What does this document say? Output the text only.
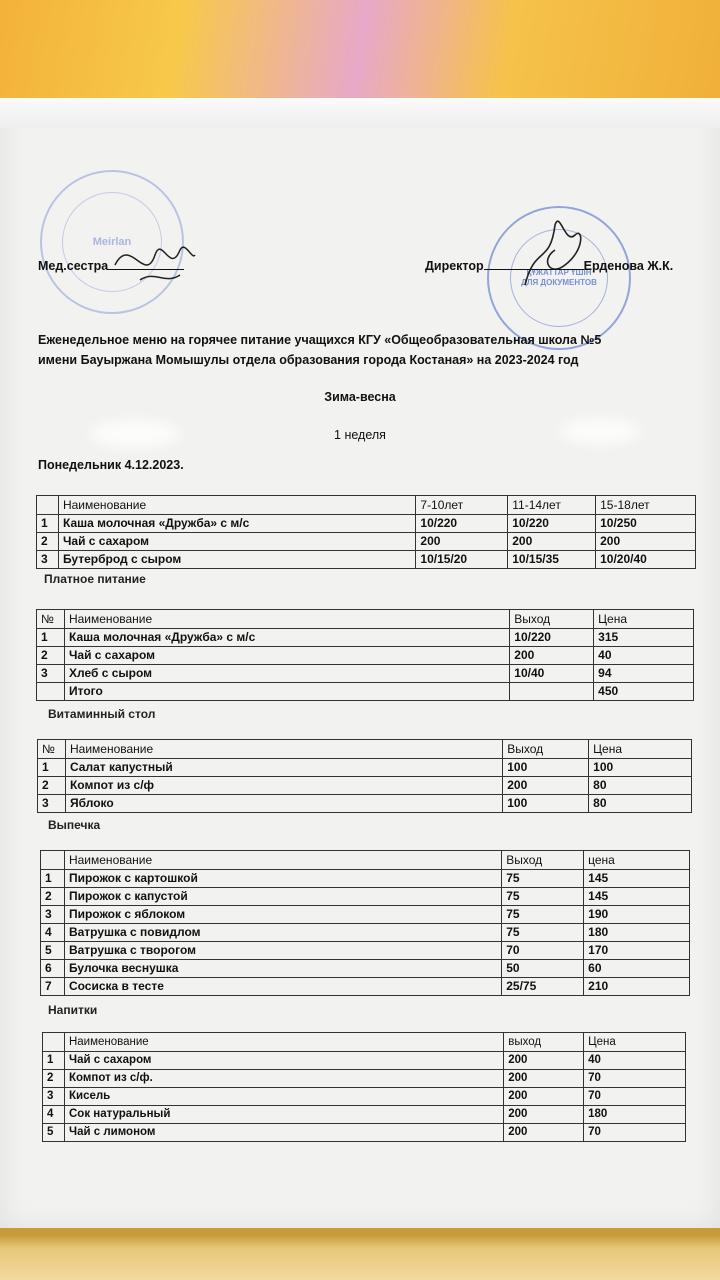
Meirlan
ҚҰЖАТТАР ҮШІН ДЛЯ ДОКУМЕНТОВ
Мед.сестра	Директор	Ерденова Ж.К.
Еженедельное меню на горячее питание учащихся КГУ «Общеобразовательная школа №5
имени Бауыржана Момышулы отдела образования города Костаная» на 2023-2024 год
Зима-весна
1 неделя
Понедельник 4.12.2023.
	Наименование	7-10лет	11-14лет	15-18лет
1	Каша молочная «Дружба» с м/с	10/220	10/220	10/250
2	Чай с сахаром	200	200	200
3	Бутерброд с сыром	10/15/20	10/15/35	10/20/40
Платное питание
№	Наименование	Выход	Цена
1	Каша молочная «Дружба» с м/с	10/220	315
2	Чай с сахаром	200	40
3	Хлеб с сыром	10/40	94
	Итого		450
Витаминный стол
№	Наименование	Выход	Цена
1	Салат капустный	100	100
2	Компот из с/ф	200	80
3	Яблоко	100	80
Выпечка
	Наименование	Выход	цена
1	Пирожок с картошкой	75	145
2	Пирожок с капустой	75	145
3	Пирожок с яблоком	75	190
4	Ватрушка с повидлом	75	180
5	Ватрушка с творогом	70	170
6	Булочка веснушка	50	60
7	Сосиска в тесте	25/75	210
Напитки
	Наименование	выход	Цена
1	Чай с сахаром	200	40
2	Компот из с/ф.	200	70
3	Кисель	200	70
4	Сок натуральный	200	180
5	Чай с лимоном	200	70
